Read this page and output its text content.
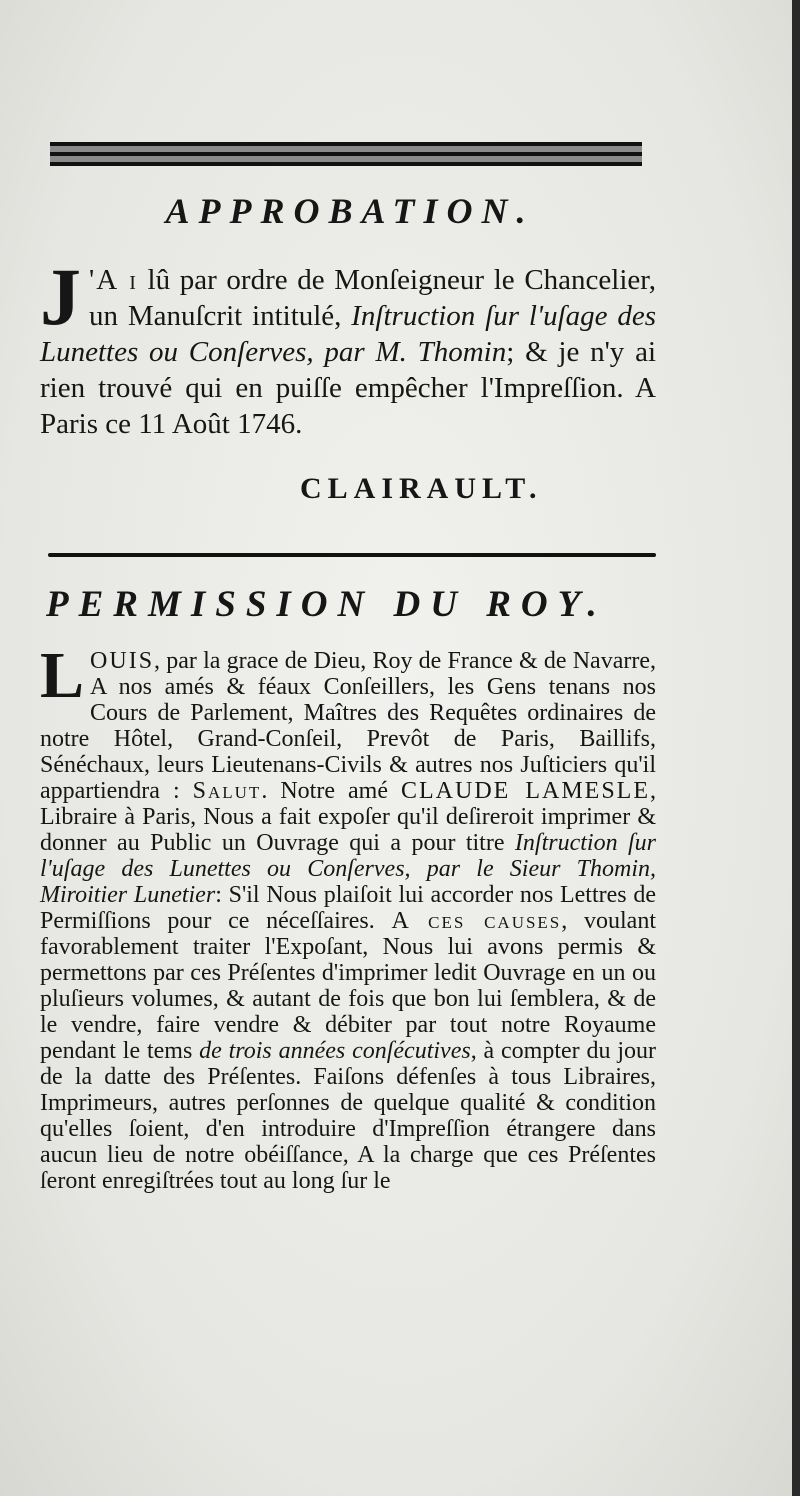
APPROBATION.

J 'A i lû par ordre de Monſeigneur le Chancelier, un Manuſcrit intitulé, Inſtruction ſur l'uſage des Lunettes ou Conſerves, par M. Thomin; & je n'y ai rien trouvé qui en puiſſe empêcher l'Impreſſion. A Paris ce 11 Août 1746.

CLAIRAULT.

PERMISSION DU ROY.

LOUIS, par la grace de Dieu, Roy de France & de Navarre, A nos amés & féaux Conſeillers, les Gens tenans nos Cours de Parlement, Maîtres des Requêtes ordinaires de notre Hôtel, Grand-Conſeil, Prevôt de Paris, Baillifs, Sénéchaux, leurs Lieutenans-Civils & autres nos Juſticiers qu'il appartiendra : Salut. Notre amé CLAUDE LAMESLE, Libraire à Paris, Nous a fait expoſer qu'il deſireroit imprimer & donner au Public un Ouvrage qui a pour titre Inſtruction ſur l'uſage des Lunettes ou Conſerves, par le Sieur Thomin, Miroitier Lunetier: S'il Nous plaiſoit lui accorder nos Lettres de Permiſſions pour ce néceſſaires. A ces causes, voulant favorablement traiter l'Expoſant, Nous lui avons permis & permettons par ces Préſentes d'imprimer ledit Ouvrage en un ou pluſieurs volumes, & autant de fois que bon lui ſemblera, & de le vendre, faire vendre & débiter par tout notre Royaume pendant le tems de trois années conſécutives, à compter du jour de la datte des Préſentes. Faiſons défenſes à tous Libraires, Imprimeurs, autres perſonnes de quelque qualité & condition qu'elles ſoient, d'en introduire d'Impreſſion étrangere dans aucun lieu de notre obéiſſance, A la charge que ces Préſentes ſeront enregiſtrées tout au long ſur le
